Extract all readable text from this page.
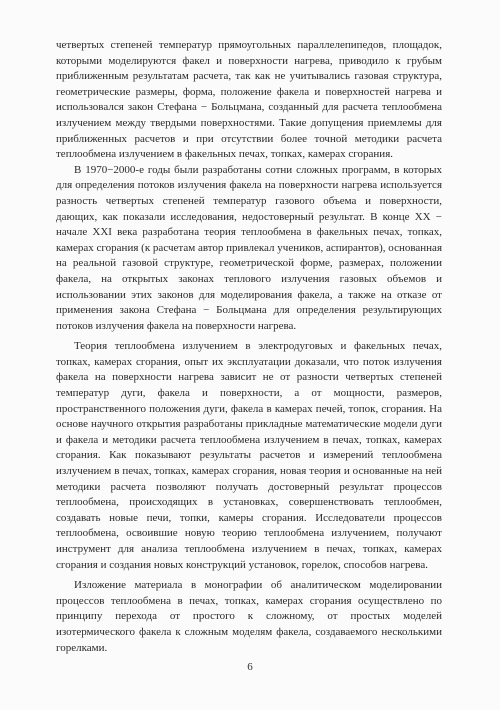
четвертых степеней температур прямоугольных параллелепипедов, площадок, которыми моделируются факел и поверхности нагрева, приводило к грубым приближенным результатам расчета, так как не учитывались газовая структура, геометрические размеры, форма, положение факела и поверхностей нагрева и использовался закон Стефана − Больцмана, созданный для расчета теплообмена излучением между твердыми поверхностями. Такие допущения приемлемы для приближенных расчетов и при отсутствии более точной методики расчета теплообмена излучением в факельных печах, топках, камерах сгорания.

В 1970−2000-е годы были разработаны сотни сложных программ, в которых для определения потоков излучения факела на поверхности нагрева используется разность четвертых степеней температур газового объема и поверхности, дающих, как показали исследования, недостоверный результат. В конце XX − начале XXI века разработана теория теплообмена в факельных печах, топках, камерах сгорания (к расчетам автор привлекал учеников, аспирантов), основанная на реальной газовой структуре, геометрической форме, размерах, положении факела, на открытых законах теплового излучения газовых объемов и использовании этих законов для моделирования факела, а также на отказе от применения закона Стефана − Больцмана для определения результирующих потоков излучения факела на поверхности нагрева.

Теория теплообмена излучением в электродуговых и факельных печах, топках, камерах сгорания, опыт их эксплуатации доказали, что поток излучения факела на поверхности нагрева зависит не от разности четвертых степеней температур дуги, факела и поверхности, а от мощности, размеров, пространственного положения дуги, факела в камерах печей, топок, сгорания. На основе научного открытия разработаны прикладные математические модели дуги и факела и методики расчета теплообмена излучением в печах, топках, камерах сгорания. Как показывают результаты расчетов и измерений теплообмена излучением в печах, топках, камерах сгорания, новая теория и основанные на ней методики расчета позволяют получать достоверный результат процессов теплообмена, происходящих в установках, совершенствовать теплообмен, создавать новые печи, топки, камеры сгорания. Исследователи процессов теплообмена, освоившие новую теорию теплообмена излучением, получают инструмент для анализа теплообмена излучением в печах, топках, камерах сгорания и создания новых конструкций установок, горелок, способов нагрева.

Изложение материала в монографии об аналитическом моделировании процессов теплообмена в печах, топках, камерах сгорания осуществлено по принципу перехода от простого к сложному, от простых моделей изотермического факела к сложным моделям факела, создаваемого несколькими горелками.

6
